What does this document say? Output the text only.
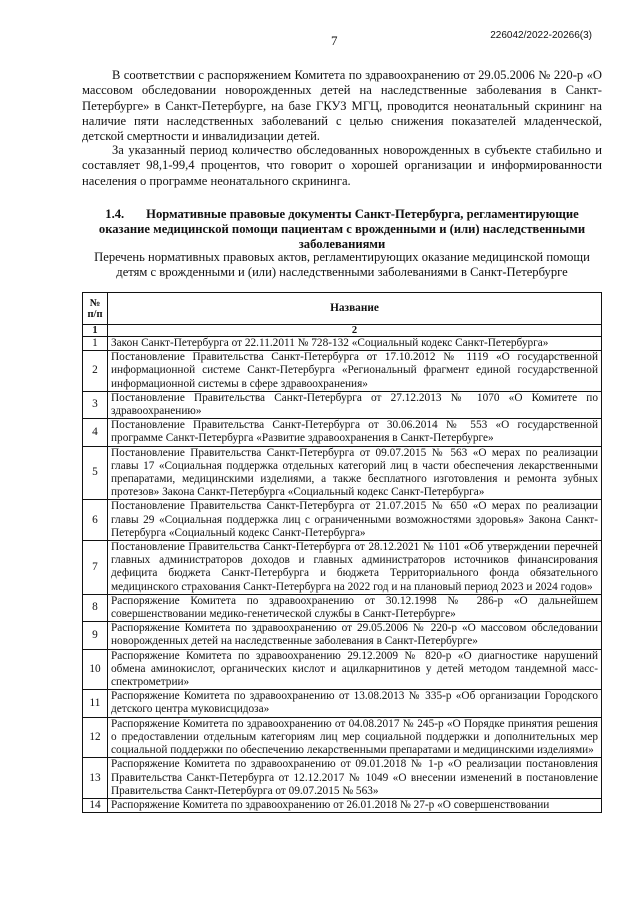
7	226042/2022-20266(3)

В соответствии с распоряжением Комитета по здравоохранению от 29.05.2006 № 220-р «О массовом обследовании новорожденных детей на наследственные заболевания в Санкт-Петербурге» в Санкт-Петербурге, на базе ГКУЗ МГЦ, проводится неонатальный скрининг на наличие пяти наследственных заболеваний с целью снижения показателей младенческой, детской смертности и инвалидизации детей.

За указанный период количество обследованных новорожденных в субъекте стабильно и составляет 98,1-99,4 процентов, что говорит о хорошей организации и информированности населения о программе неонатального скрининга.

1.4. Нормативные правовые документы Санкт-Петербурга, регламентирующие оказание медицинской помощи пациентам с врожденными и (или) наследственными заболеваниями

Перечень нормативных правовых актов, регламентирующих оказание медицинской помощи детям с врожденными и (или) наследственными заболеваниями в Санкт-Петербурге

№ п/п	Название
1	2
1	Закон Санкт-Петербурга от 22.11.2011 № 728-132 «Социальный кодекс Санкт-Петербурга»
2	Постановление Правительства Санкт-Петербурга от 17.10.2012 № 1119 «О государственной информационной системе Санкт-Петербурга «Региональный фрагмент единой государственной информационной системы в сфере здравоохранения»
3	Постановление Правительства Санкт-Петербурга от 27.12.2013 № 1070 «О Комитете по здравоохранению»
4	Постановление Правительства Санкт-Петербурга от 30.06.2014 № 553 «О государственной программе Санкт-Петербурга «Развитие здравоохранения в Санкт-Петербурге»
5	Постановление Правительства Санкт-Петербурга от 09.07.2015 № 563 «О мерах по реализации главы 17 «Социальная поддержка отдельных категорий лиц в части обеспечения лекарственными препаратами, медицинскими изделиями, а также бесплатного изготовления и ремонта зубных протезов» Закона Санкт-Петербурга «Социальный кодекс Санкт-Петербурга»
6	Постановление Правительства Санкт-Петербурга от 21.07.2015 № 650 «О мерах по реализации главы 29 «Социальная поддержка лиц с ограниченными возможностями здоровья» Закона Санкт-Петербурга «Социальный кодекс Санкт-Петербурга»
7	Постановление Правительства Санкт-Петербурга от 28.12.2021 № 1101 «Об утверждении перечней главных администраторов доходов и главных администраторов источников финансирования дефицита бюджета Санкт-Петербурга и бюджета Территориального фонда обязательного медицинского страхования Санкт-Петербурга на 2022 год и на плановый период 2023 и 2024 годов»
8	Распоряжение Комитета по здравоохранению от 30.12.1998 № 286-р «О дальнейшем совершенствовании медико-генетической службы в Санкт-Петербурге»
9	Распоряжение Комитета по здравоохранению от 29.05.2006 № 220-р «О массовом обследовании новорожденных детей на наследственные заболевания в Санкт-Петербурге»
10	Распоряжение Комитета по здравоохранению 29.12.2009 № 820-р «О диагностике нарушений обмена аминокислот, органических кислот и ацилкарнитинов у детей методом тандемной масс-спектрометрии»
11	Распоряжение Комитета по здравоохранению от 13.08.2013 № 335-р «Об организации Городского детского центра муковисцидоза»
12	Распоряжение Комитета по здравоохранению от 04.08.2017 № 245-р «О Порядке принятия решения о предоставлении отдельным категориям лиц мер социальной поддержки и дополнительных мер социальной поддержки по обеспечению лекарственными препаратами и медицинскими изделиями»
13	Распоряжение Комитета по здравоохранению от 09.01.2018 № 1-р «О реализации постановления Правительства Санкт-Петербурга от 12.12.2017 № 1049 «О внесении изменений в постановление Правительства Санкт-Петербурга от 09.07.2015 № 563»
14	Распоряжение Комитета по здравоохранению от 26.01.2018 № 27-р «О совершенствовании
